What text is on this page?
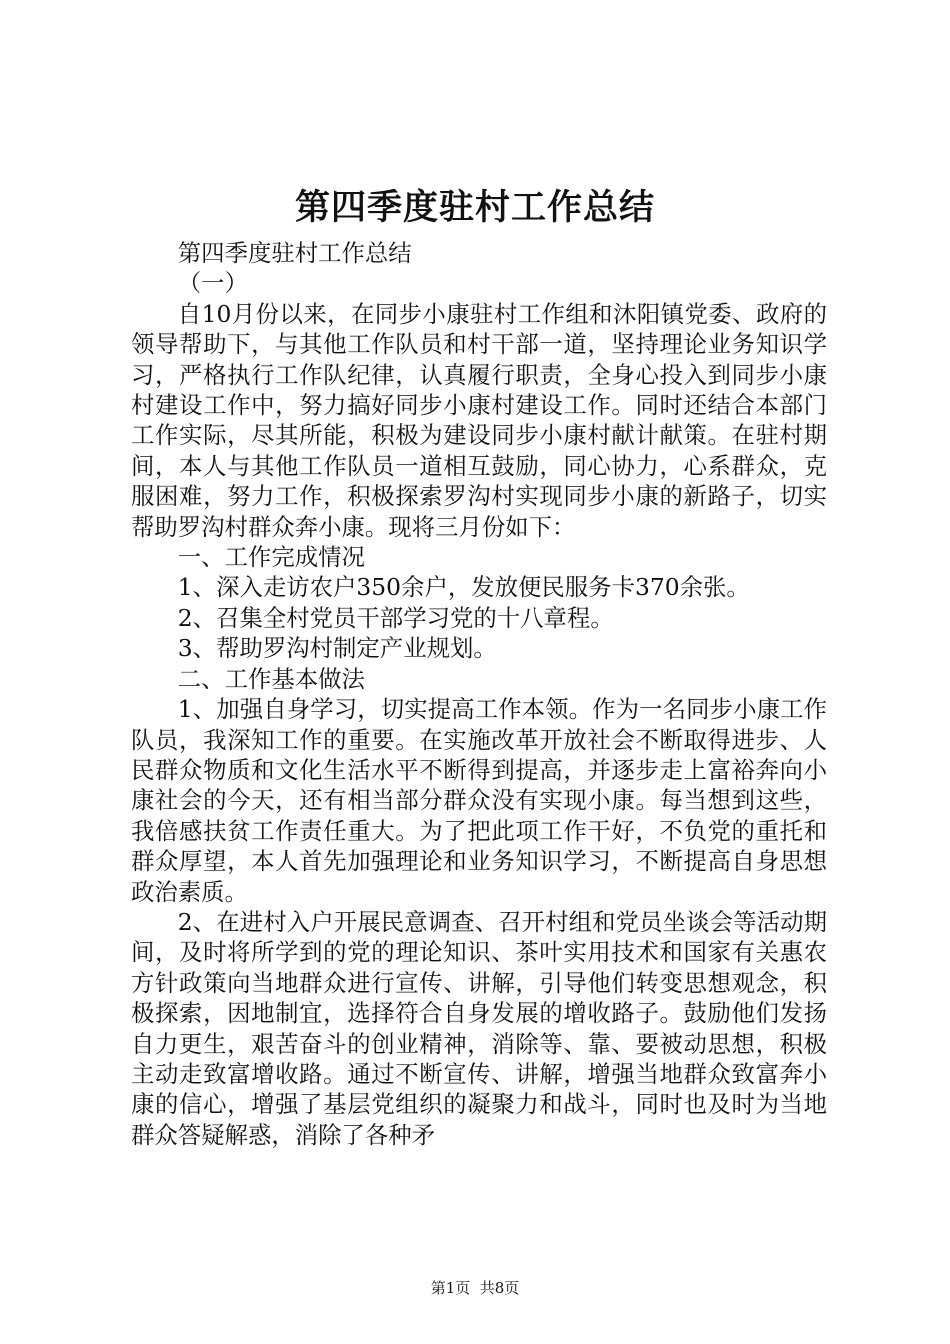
第四季度驻村工作总结

第四季度驻村工作总结

（一）

自10月份以来，在同步小康驻村工作组和沐阳镇党委、政府的领导帮助下，与其他工作队员和村干部一道，坚持理论业务知识学习，严格执行工作队纪律，认真履行职责，全身心投入到同步小康村建设工作中，努力搞好同步小康村建设工作。同时还结合本部门工作实际，尽其所能，积极为建设同步小康村献计献策。在驻村期间，本人与其他工作队员一道相互鼓励，同心协力，心系群众，克服困难，努力工作，积极探索罗沟村实现同步小康的新路子，切实帮助罗沟村群众奔小康。现将三月份如下：

一、工作完成情况

1、深入走访农户350余户，发放便民服务卡370余张。

2、召集全村党员干部学习党的十八章程。

3、帮助罗沟村制定产业规划。

二、工作基本做法

1、加强自身学习，切实提高工作本领。作为一名同步小康工作队员，我深知工作的重要。在实施改革开放社会不断取得进步、人民群众物质和文化生活水平不断得到提高，并逐步走上富裕奔向小康社会的今天，还有相当部分群众没有实现小康。每当想到这些，我倍感扶贫工作责任重大。为了把此项工作干好，不负党的重托和群众厚望，本人首先加强理论和业务知识学习，不断提高自身思想政治素质。

2、在进村入户开展民意调查、召开村组和党员坐谈会等活动期间，及时将所学到的党的理论知识、茶叶实用技术和国家有关惠农方针政策向当地群众进行宣传、讲解，引导他们转变思想观念，积极探索，因地制宜，选择符合自身发展的增收路子。鼓励他们发扬自力更生，艰苦奋斗的创业精神，消除等、靠、要被动思想，积极主动走致富增收路。通过不断宣传、讲解，增强当地群众致富奔小康的信心，增强了基层党组织的凝聚力和战斗，同时也及时为当地群众答疑解惑，消除了各种矛

第1页  共8页
